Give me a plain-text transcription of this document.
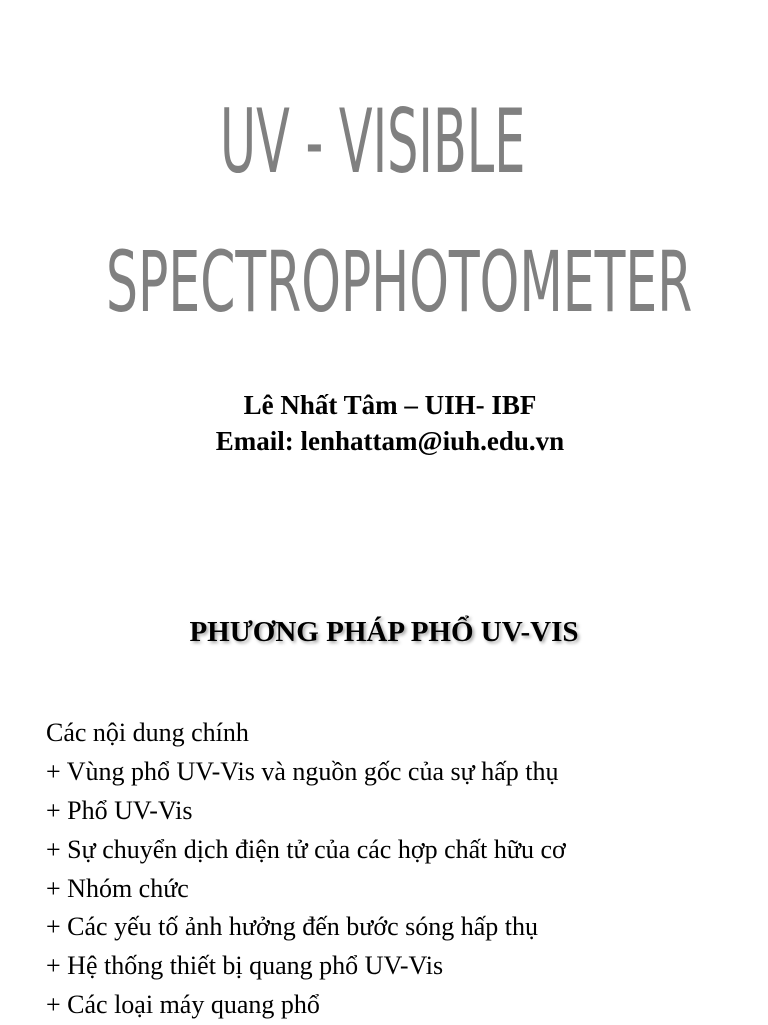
UV - VISIBLE
SPECTROPHOTOMETER
Lê Nhất Tâm – UIH- IBF
Email: lenhattam@iuh.edu.vn
PHƯƠNG PHÁP PHỔ UV-VIS
Các nội dung chính
+ Vùng phổ UV-Vis và nguồn gốc của sự hấp thụ
+ Phổ UV-Vis
+ Sự chuyển dịch điện tử của các hợp chất hữu cơ
+ Nhóm chức
+ Các yếu tố ảnh hưởng đến bước sóng hấp thụ
+ Hệ thống thiết bị quang phổ UV-Vis
+ Các loại máy quang phổ
